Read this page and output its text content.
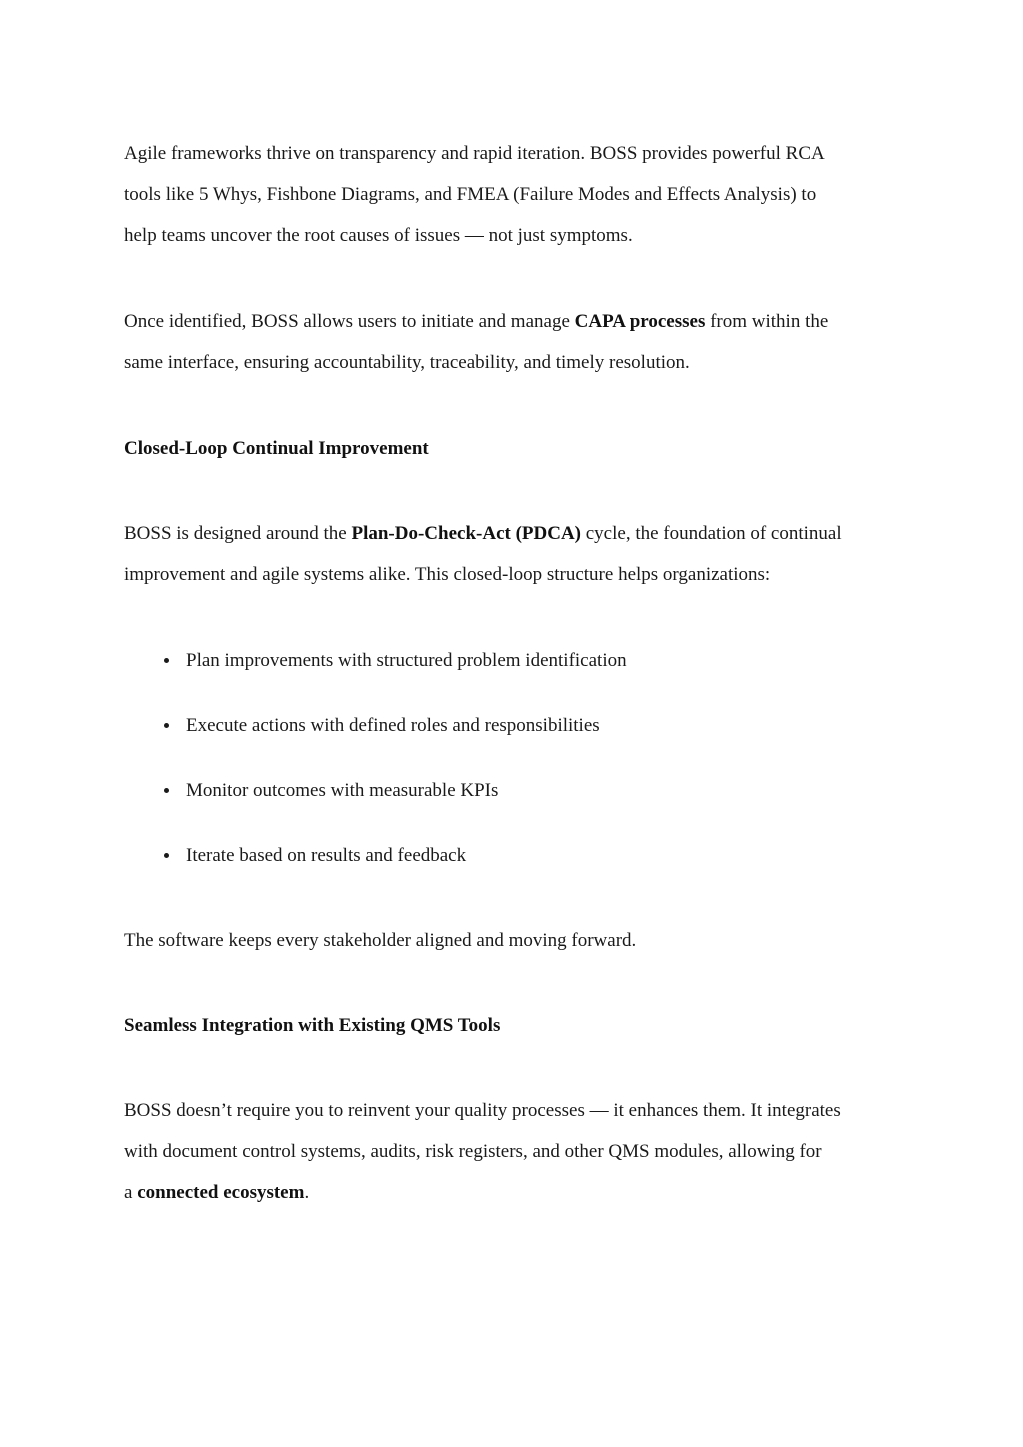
Agile frameworks thrive on transparency and rapid iteration. BOSS provides powerful RCA
tools like 5 Whys, Fishbone Diagrams, and FMEA (Failure Modes and Effects Analysis) to
help teams uncover the root causes of issues — not just symptoms.
Once identified, BOSS allows users to initiate and manage CAPA processes from within the
same interface, ensuring accountability, traceability, and timely resolution.
Closed-Loop Continual Improvement
BOSS is designed around the Plan-Do-Check-Act (PDCA) cycle, the foundation of continual
improvement and agile systems alike. This closed-loop structure helps organizations:
Plan improvements with structured problem identification
Execute actions with defined roles and responsibilities
Monitor outcomes with measurable KPIs
Iterate based on results and feedback
The software keeps every stakeholder aligned and moving forward.
Seamless Integration with Existing QMS Tools
BOSS doesn’t require you to reinvent your quality processes — it enhances them. It integrates
with document control systems, audits, risk registers, and other QMS modules, allowing for
a connected ecosystem.
